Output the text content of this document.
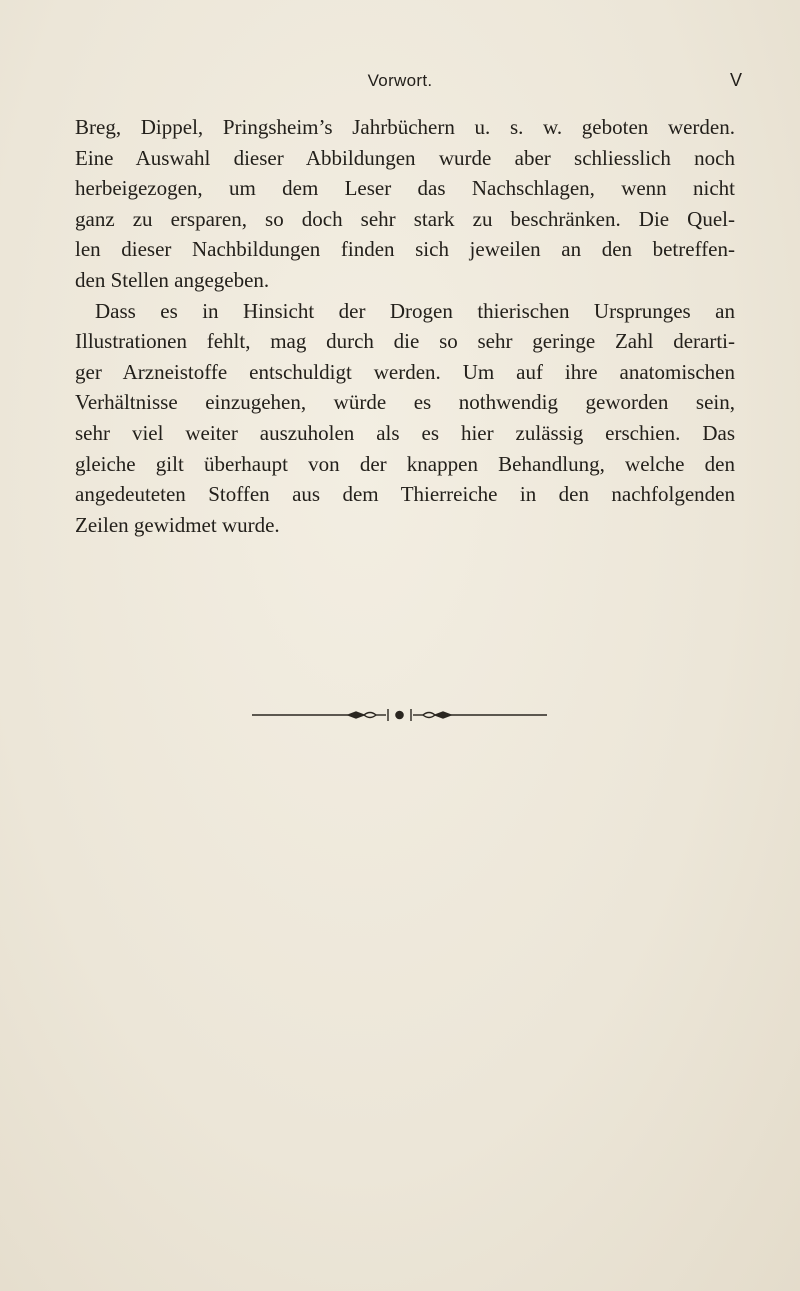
Vorwort.	V
Breg, Dippel, Pringsheim’s Jahrbüchern u. s. w. geboten werden.
Eine Auswahl dieser Abbildungen wurde aber schliesslich noch
herbeigezogen, um dem Leser das Nachschlagen, wenn nicht
ganz zu ersparen, so doch sehr stark zu beschränken. Die Quel-
len dieser Nachbildungen finden sich jeweilen an den betreffen-
den Stellen angegeben.
Dass es in Hinsicht der Drogen thierischen Ursprunges an
Illustrationen fehlt, mag durch die so sehr geringe Zahl derarti-
ger Arzneistoffe entschuldigt werden. Um auf ihre anatomischen
Verhältnisse einzugehen, würde es nothwendig geworden sein,
sehr viel weiter auszuholen als es hier zulässig erschien. Das
gleiche gilt überhaupt von der knappen Behandlung, welche den
angedeuteten Stoffen aus dem Thierreiche in den nachfolgenden
Zeilen gewidmet wurde.
